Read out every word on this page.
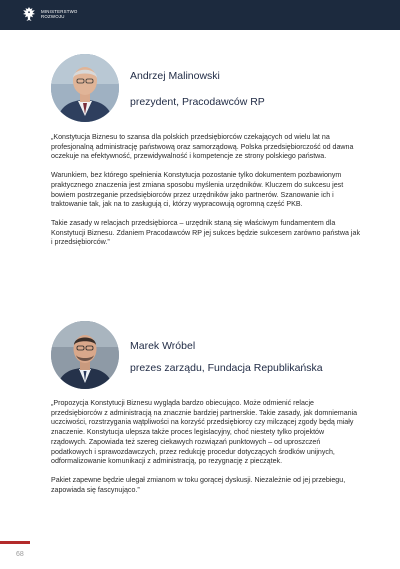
MINISTERSTWO
ROZWOJU
Andrzej Malinowski
prezydent, Pracodawców RP

„Konstytucja Biznesu to szansa dla polskich przedsiębiorców czekających od wielu lat na profesjonalną administrację państwową oraz samorządową. Polska przedsiębiorczość od dawna oczekuje na efektywność, przewidywalność i kompetencje ze strony polskiego państwa.

Warunkiem, bez którego spełnienia Konstytucja pozostanie tylko dokumentem pozbawionym praktycznego znaczenia jest zmiana sposobu myślenia urzędników. Kluczem do sukcesu jest bowiem postrzeganie przedsiębiorców przez urzędników jako partnerów. Szanowanie ich i traktowanie tak, jak na to zasługują ci, którzy wypracowują ogromną część PKB.

Takie zasady w relacjach przedsiębiorca – urzędnik staną się właściwym fundamentem dla Konstytucji Biznesu. Zdaniem Pracodawców RP jej sukces będzie sukcesem zarówno państwa jak i przedsiębiorców.”

Marek Wróbel
prezes zarządu, Fundacja Republikańska

„Propozycja Konstytucji Biznesu wygląda bardzo obiecująco. Może odmienić relacje przedsiębiorców z administracją na znacznie bardziej partnerskie. Takie zasady, jak domniemania uczciwości, rozstrzygania wątpliwości na korzyść przedsiębiorcy czy milczącej zgody będą miały znaczenie. Konstytucja ulepsza także proces legislacyjny, choć niestety tylko projektów rządowych. Zapowiada też szereg ciekawych rozwiązań punktowych – od uproszczeń podatkowych i sprawozdawczych, przez redukcję procedur dotyczących środków unijnych, odformalizowanie komunikacji z administracją, po rezygnację z pieczątek.

Pakiet zapewne będzie ulegał zmianom w toku gorącej dyskusji. Niezależnie od jej przebiegu, zapowiada się fascynująco.”

68
